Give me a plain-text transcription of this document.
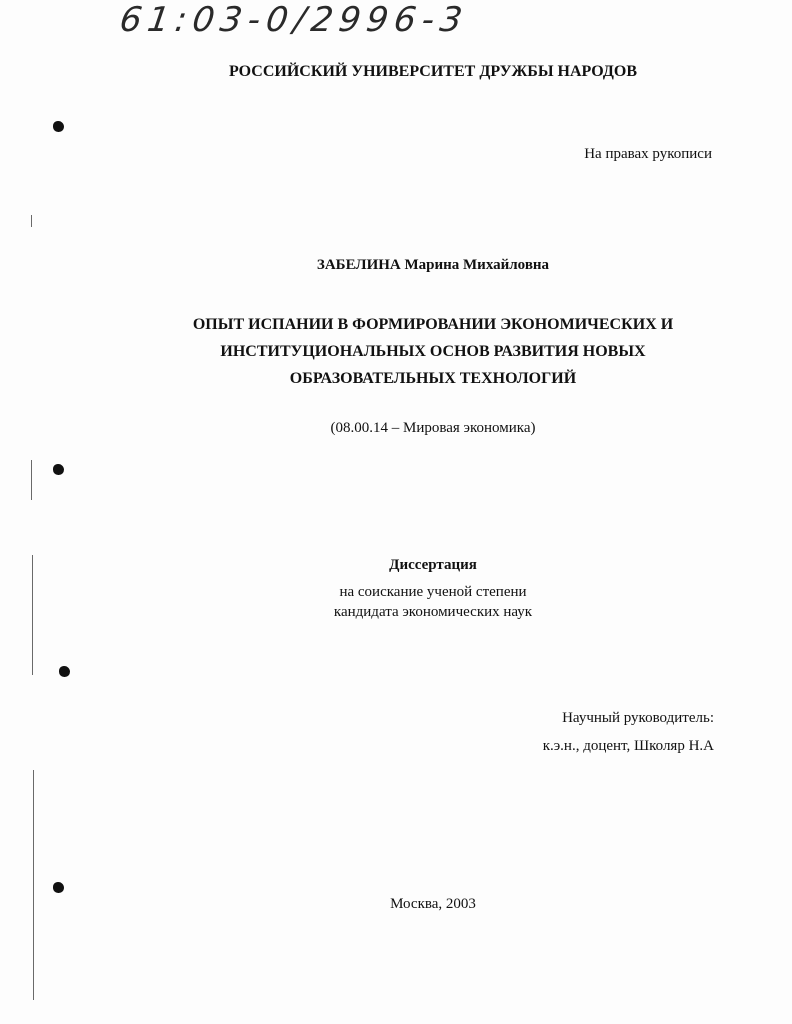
61:03-0/2996-3
РОССИЙСКИЙ УНИВЕРСИТЕТ ДРУЖБЫ НАРОДОВ
На правах рукописи
ЗАБЕЛИНА Марина Михайловна
ОПЫТ ИСПАНИИ В ФОРМИРОВАНИИ ЭКОНОМИЧЕСКИХ И
ИНСТИТУЦИОНАЛЬНЫХ ОСНОВ РАЗВИТИЯ НОВЫХ
ОБРАЗОВАТЕЛЬНЫХ ТЕХНОЛОГИЙ
(08.00.14 – Мировая экономика)
Диссертация
на соискание ученой степени
кандидата экономических наук
Научный руководитель:
к.э.н., доцент, Школяр Н.А
Москва, 2003
